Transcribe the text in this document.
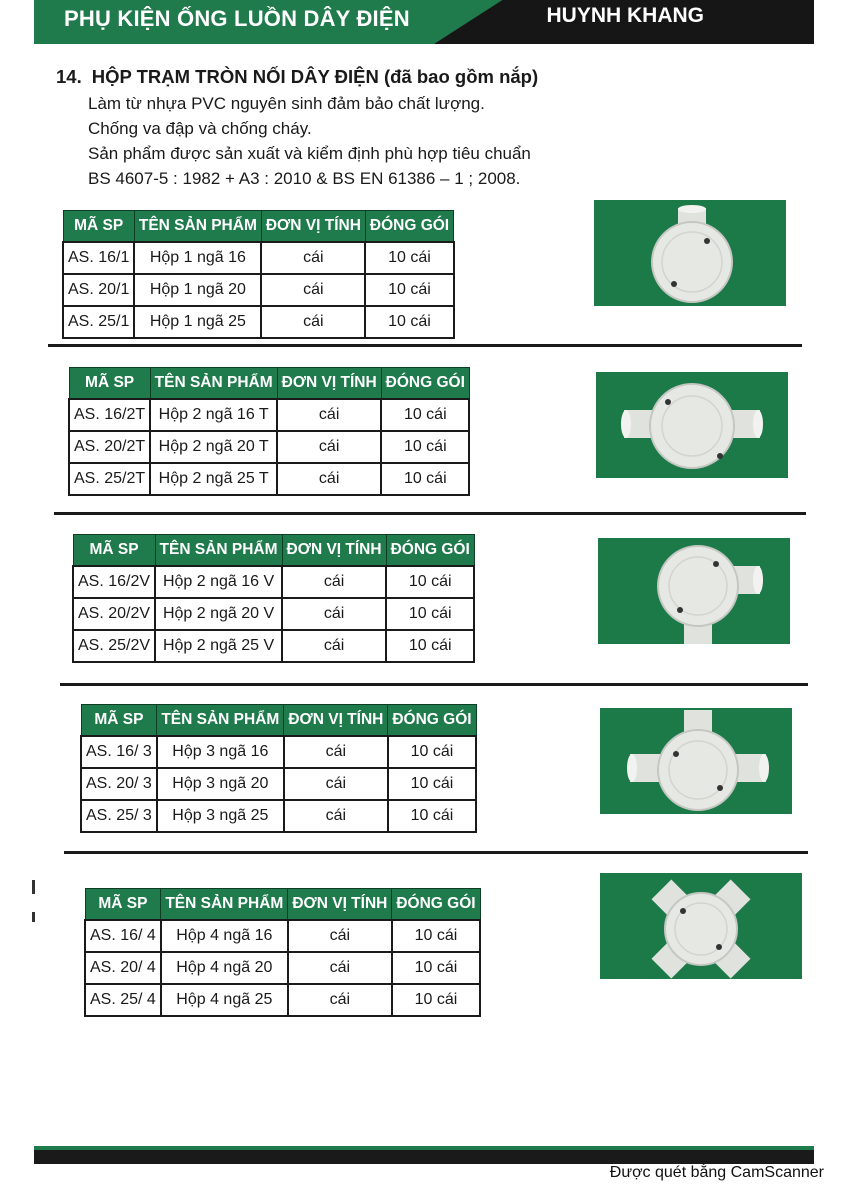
PHỤ KIỆN ỐNG LUỒN DÂY ĐIỆN	HUYNH KHANG
14. HỘP TRẠM TRÒN NỐI DÂY ĐIỆN (đã bao gồm nắp)

Làm từ nhựa PVC nguyên sinh đảm bảo chất lượng.

Chống va đập và chống cháy.

Sản phẩm được sản xuất và kiểm định phù hợp tiêu chuẩn

BS 4607-5 : 1982 + A3 : 2010 & BS EN 61386 – 1 ; 2008.

MÃ SP	TÊN SẢN PHẨM	ĐƠN VỊ TÍNH	ĐÓNG GÓI
AS. 16/1	Hộp 1 ngã 16	cái	10 cái
AS. 20/1	Hộp 1 ngã 20	cái	10 cái
AS. 25/1	Hộp 1 ngã 25	cái	10 cái
MÃ SP	TÊN SẢN PHẨM	ĐƠN VỊ TÍNH	ĐÓNG GÓI
AS. 16/2T	Hộp 2 ngã 16 T	cái	10 cái
AS. 20/2T	Hộp 2 ngã 20 T	cái	10 cái
AS. 25/2T	Hộp 2 ngã 25 T	cái	10 cái
MÃ SP	TÊN SẢN PHẨM	ĐƠN VỊ TÍNH	ĐÓNG GÓI
AS. 16/2V	Hộp 2 ngã 16 V	cái	10 cái
AS. 20/2V	Hộp 2 ngã 20 V	cái	10 cái
AS. 25/2V	Hộp 2 ngã 25 V	cái	10 cái
MÃ SP	TÊN SẢN PHẨM	ĐƠN VỊ TÍNH	ĐÓNG GÓI
AS. 16/ 3	Hộp 3 ngã 16	cái	10 cái
AS. 20/ 3	Hộp 3 ngã 20	cái	10 cái
AS. 25/ 3	Hộp 3 ngã 25	cái	10 cái
MÃ SP	TÊN SẢN PHẨM	ĐƠN VỊ TÍNH	ĐÓNG GÓI
AS. 16/ 4	Hộp 4 ngã 16	cái	10 cái
AS. 20/ 4	Hộp 4 ngã 20	cái	10 cái
AS. 25/ 4	Hộp 4 ngã 25	cái	10 cái
Được quét bằng CamScanner
